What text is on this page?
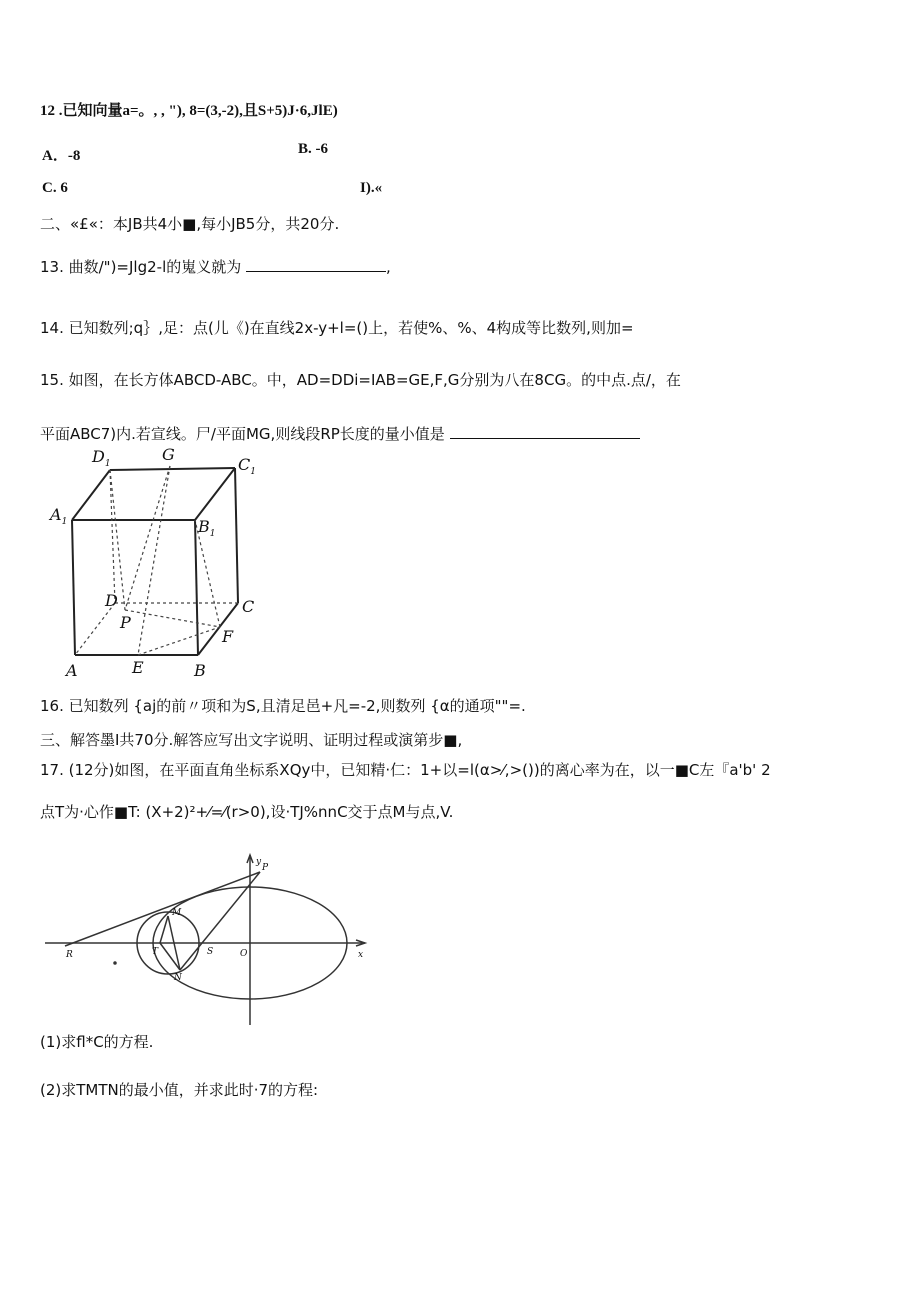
12 .已知向量a=。, , "), 8=(3,-2),且S+5)J·6,JlE)
A．-8	B. -6
C. 6	I).«
二、«£«：本JB共4小■,每小JB5分，共20分.
13. 曲数/")=Jlg2-l的嵬义就为	,
14. 已知数列;q｝,足：点(儿《)在直线2x-y+l=()上，若使%、%、4构成等比数列,则加=
15. 如图，在长方体ABCD-ABC。中，AD=DDi=IAB=GE,F,G分别为八在8CG。的中点.点/，在
平面ABC7)内.若宣线。尸/平面MG,则线段RP长度的量小值是
$D_1$	G
$C_1$
$A_1$	$B_1$
D	C
P
F
A	E	B
16. 已知数列 {aj的前〃项和为S,且清足邑+凡=-2,则数列 {α的通项""=.
三、解答墨I共70分.解答应写出文字说明、证明过程或演第步■,
17. (12分)如图，在平面直角坐标系XQy中，已知精·仁：1+以=l(α>⁄,>())的离心率为在，以一■C左『a'b' 2
点T为·心作■T: (X+2)²+⁄=⁄(r>0),设·TJ%nnC交于点M与点,V.
y
x
P
M
R	T	S	O
N
(1)求fl*C的方程.
(2)求TMTN的最小值，并求此时·7的方程:
